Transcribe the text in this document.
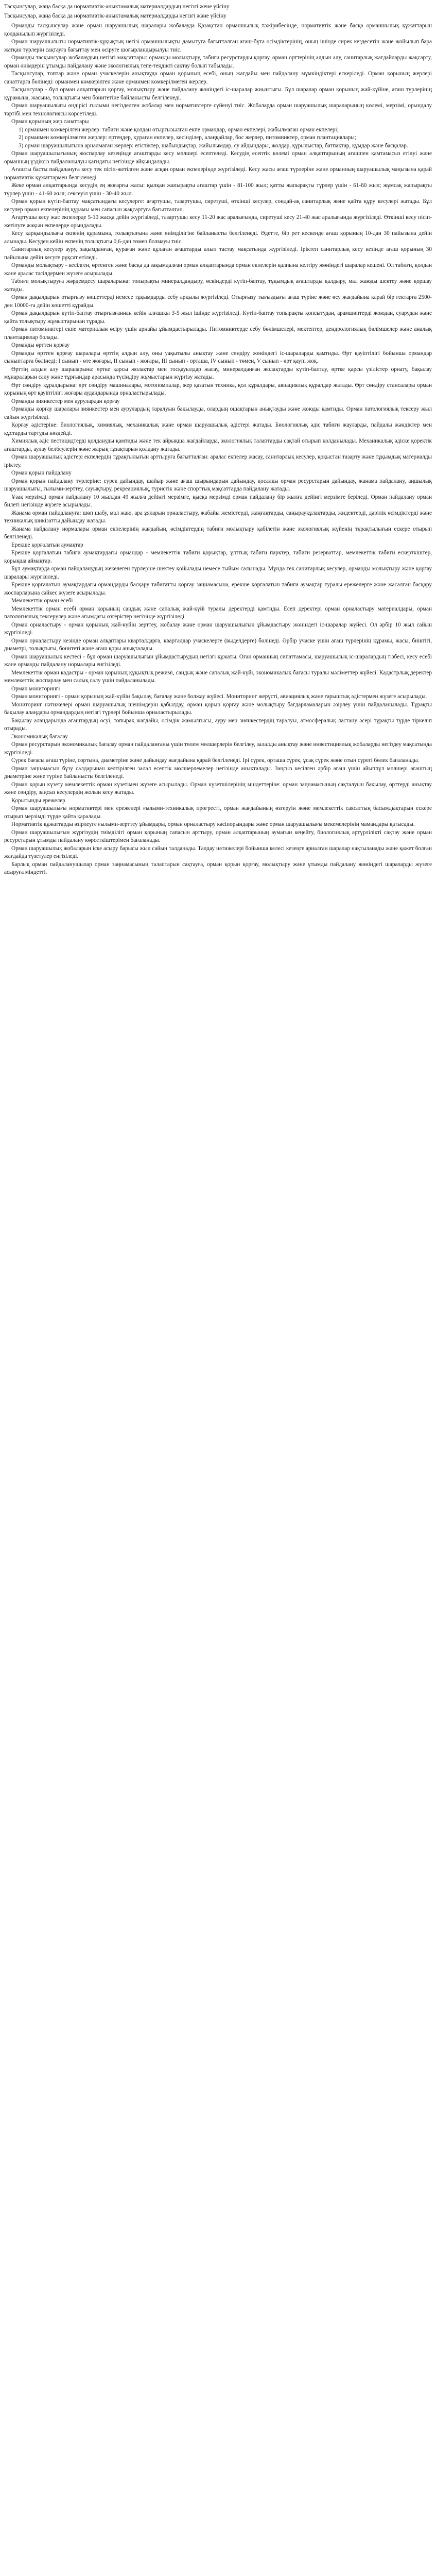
Тасқынсулар, жаңа басқа да нормативтік-аныктамалық материалдардың негізгі жене үйсіну
Тасқынсулар, жаңа басқа да нормативтік-аныктамалық материалдарды негізгі және үйсіну

Орманды тасқынсулар және орман шаруашылық шаралары жобалауда Қазақстан орманшылық тәжірибесінде, нормативтік және басқа орманшылық құжаттарын қолданылып жүргізіледі.

Орман шаруашылығы нормативтік-құқықтық негізі орманшылықты дамытуға бағытталған ағаш-бұта өсімдіктерінің, оның ішінде сирек кездесетін және жойылып бара жатқан түрлерін сақтауға бағыттау мен өсіруге шоғырландырылуы тиіс.

Орманды тасқынсулар жобалаудың негізгі мақсаттары: орманды молықтыру, табиғи ресурстарды қорғау, орман өрттерінің алдын алу, санитарлық жағдайларды жақсарту, орман өнімдерін ұтымды пайдалану және экологиялық тепе-теңдікті сақтау болып табылады.

Тасқынсулар, топтар және орман учаскелерін анықтауда орман қорының есебі, оның жағдайы мен пайдалану мүмкіндіктері ескеріледі. Орман қорының жерлері санаттарға бөлінеді: орманмен көмкерілген және орманмен көмкерілмеген жерлер.

Тасқынсулар - бұл орман алқаптарын қорғау, молықтыру және пайдалану жөніндегі іс-шаралар жиынтығы. Бұл шаралар орман қорының жай-күйіне, ағаш түрлерінің құрамына, жасына, толықтығы мен бонитетіне байланысты белгіленеді.

Орман шаруашылығы өндірісі ғылыми негізделген жобалар мен нормативтерге сүйенуі тиіс. Жобаларда орман шаруашылық шараларының көлемі, мерзімі, орындалу тәртібі мен технологиясы көрсетіледі.

Орман қорының жер санаттары

1) орманмен көмкерілген жерлер: табиғи және қолдан отырғызылған екпе ормандар, орман екпелері, жабылмаған орман екпелері;

2) орманмен көмкерілмеген жерлер: өртеңдер, қураған екпелер, кесінділер, алаңқайлар, бос жерлер, питомниктер, орман плантациялары;

3) орман шаруашылығына арналмаған жерлер: егістіктер, шабындықтар, жайылымдар, су айдындары, жолдар, құрылыстар, батпақтар, құмдар және басқалар.

Орман шаруашылығының жоспарлау кезеңінде ағаштарды кесу мөлшері есептеледі. Кесудің есептік көлемі орман алқаптарының ағашпен қамтамасыз етілуі және орманның үздіксіз пайдаланылуы қағидаты негізінде айқындалады.

Ағашты басты пайдалануға кесу тек пісіп-жетілген және асқан орман екпелерінде жүргізіледі. Кесу жасы ағаш түрлеріне және орманның шаруашылық маңызына қарай нормативтік құжаттармен белгіленеді.

Жеке орман алқаптарында кесудің ең жоғарғы жасы: қылқан жапырақты ағаштар үшін - 81-100 жыл; қатты жапырақты түрлер үшін - 61-80 жыл; жұмсақ жапырақты түрлер үшін - 41-60 жыл; сексеуіл үшін - 30-40 жыл.

Орман қорын күтіп-баптау мақсатындағы кесулерге: ағартушы, тазартушы, сиретуші, өткінші кесулер, сондай-ақ санитарлық және қайта құру кесулері жатады. Бұл кесулер орман екпелерінің құрамы мен сапасын жақсартуға бағытталған.

Ағартушы кесу жас екпелерде 5-10 жасқа дейін жүргізіледі, тазартушы кесу 11-20 жас аралығында, сиретуші кесу 21-40 жас аралығында жүргізіледі. Өткінші кесу пісіп-жетілуге жақын екпелерде орындалады.

Кесу қарқындылығы екпенің құрамына, толықтығына және өнімділігіне байланысты белгіленеді. Әдетте, бір рет кескенде ағаш қорының 10-дан 30 пайызына дейін алынады. Кесуден кейін екпенің толықтығы 0,6-дан төмен болмауы тиіс.

Санитарлық кесулер ауру, зақымданған, қураған және құлаған ағаштарды алып тастау мақсатында жүргізіледі. Іріктеп санитарлық кесу кезінде ағаш қорының 30 пайызына дейін кесуге рұқсат етіледі.

Орманды молықтыру - кесілген, өртенген және басқа да зақымдалған орман алқаптарында орман екпелерін қалпына келтіру жөніндегі шаралар кешені. Ол табиғи, қолдан және аралас тәсілдермен жүзеге асырылады.

Табиғи молықтыруға жәрдемдесу шараларына: топырақты минералдандыру, өскіндерді күтіп-баптау, тұқымдық ағаштарды қалдыру, мал жаюды шектеу және қоршау жатады.

Орман дақылдарын отырғызу көшеттерді немесе тұқымдарды себу арқылы жүргізіледі. Отырғызу тығыздығы ағаш түріне және өсу жағдайына қарай бір гектарға 2500-ден 10000-ға дейін көшетті құрайды.

Орман дақылдарын күтіп-баптау отырғызғаннан кейін алғашқы 3-5 жыл ішінде жүргізіледі. Күтіп-баптау топырақты қопсытудан, арамшөптерді жоюдан, суарудан және қайта толықтыру жұмыстарынан тұрады.

Орман питомниктері екпе материалын өсіру үшін арнайы ұйымдастырылады. Питомниктерде себу бөлімшелері, мектептер, дендрологиялық бөлімшелер және аналық плантациялар болады.

Орманды өрттен қорғау

Орманды өрттен қорғау шаралары өрттің алдын алу, оны уақытылы анықтау және сөндіру жөніндегі іс-шараларды қамтиды. Өрт қауіптілігі бойынша ормандар сыныптарға бөлінеді: I сынып - өте жоғары, II сынып - жоғары, III сынып - орташа, IV сынып - төмен, V сынып - өрт қаупі жоқ.

Өрттің алдын алу шараларына: өртке қарсы жолақтар мен тосқауылдар жасау, минералданған жолақтарды күтіп-баптау, өртке қарсы үзілістер орнату, бақылау мұнараларын салу және тұрғындар арасында түсіндіру жұмыстарын жүргізу жатады.

Өрт сөндіру құралдарына: өрт сөндіру машиналары, мотопомпалар, жер қазатын техника, қол құралдары, авиациялық құралдар жатады. Өрт сөндіру стансалары орман қорының өрт қауіптілігі жоғары аудандарында орналастырылады.

Орманды зиянкестер мен аурулардан қорғау

Орманды қорғау шаралары зиянкестер мен аурулардың таралуын бақылауды, олардың ошақтарын анықтауды және жоюды қамтиды. Орман патологиялық тексеру жыл сайын жүргізіледі.

Қорғау әдістеріне: биологиялық, химиялық, механикалық және орман шаруашылық әдістері жатады. Биологиялық әдіс табиғи жауларды, пайдалы жәндіктер мен құстарды тартуды көздейді.

Химиялық әдіс пестицидтерді қолдануды қамтиды және тек айрықша жағдайларда, экологиялық талаптарды сақтай отырып қолданылады. Механикалық әдіске қоректік ағаштарды, аулау белбеулерін және жарық тұзақтарын қолдану жатады.

Орман шаруашылық әдістері екпелердің тұрақтылығын арттыруға бағытталған: аралас екпелер жасау, санитарлық кесулер, қоқыстан тазарту және тұқымдық материалды іріктеу.

Орман қорын пайдалану

Орман қорын пайдалану түрлеріне: сүрек дайындау, шайыр және ағаш шырындарын дайындау, қосалқы орман ресурстарын дайындау, жанама пайдалану, аңшылық шаруашылығы, ғылыми-зерттеу, сауықтыру, рекреациялық, туристік және спорттық мақсаттарда пайдалану жатады.

Ұзақ мерзімді орман пайдалану 10 жылдан 49 жылға дейінгі мерзімге, қысқа мерзімді орман пайдалану бір жылға дейінгі мерзімге беріледі. Орман пайдалану орман билеті негізінде жүзеге асырылады.

Жанама орман пайдалануға: шөп шабу, мал жаю, ара ұяларын орналастыру, жабайы жемістерді, жаңғақтарды, саңырауқұлақтарды, жидектерді, дәрілік өсімдіктерді және техникалық шикізатты дайындау жатады.

Жанама пайдалану нормалары орман екпелерінің жағдайын, өсімдіктердің табиғи молықтыру қабілетін және экологиялық жүйенің тұрақтылығын ескере отырып белгіленеді.

Ерекше қорғалатын аумақтар

Ерекше қорғалатын табиғи аумақтардағы ормандар - мемлекеттік табиғи қорықтар, ұлттық табиғи парктер, табиғи резерваттар, мемлекеттік табиғи ескерткіштер, қорықша аймақтар.

Бұл аумақтарда орман пайдаланудың жекелеген түрлеріне шектеу қойылады немесе тыйым салынады. Мұнда тек санитарлық кесулер, орманды молықтыру және қорғау шаралары жүргізіледі.

Ерекше қорғалатын аумақтардағы ормандарды басқару табиғатты қорғау заңнамасына, ерекше қорғалатын табиғи аумақтар туралы ережелерге және жасалған басқару жоспарларына сәйкес жүзеге асырылады.

Мемлекеттік орман есебі

Мемлекеттік орман есебі орман қорының сандық және сапалық жай-күйі туралы деректерді қамтиды. Есеп деректері орман орналастыру материалдары, орман патологиялық тексерулер және ағымдағы өзгерістер негізінде жүргізіледі.

Орман орналастыру - орман қорының жай-күйін зерттеу, жобалау және орман шаруашылығын ұйымдастыру жөніндегі іс-шаралар жүйесі. Ол әрбір 10 жыл сайын жүргізіледі.

Орман орналастыру кезінде орман алқаптары кварталдарға, кварталдар учаскелерге (выделдерге) бөлінеді. Әрбір учаске үшін ағаш түрлерінің құрамы, жасы, биіктігі, диаметрі, толықтығы, бонитеті және ағаш қоры анықталады.

Орман шаруашылық кестесі - бұл орман шаруашылығын ұйымдастырудың негізгі құжаты. Оған орманның сипаттамасы, шаруашылық іс-шаралардың тізбесі, кесу есебі және орманды пайдалану нормалары енгізіледі.

Мемлекеттік орман кадастры - орман қорының құқықтық режимі, сандық және сапалық жай-күйі, экономикалық бағасы туралы мәліметтер жүйесі. Кадастрлық деректер мемлекеттік жоспарлау мен салық салу үшін пайдаланылады.

Орман мониторингі

Орман мониторингі - орман қорының жай-күйін бақылау, бағалау және болжау жүйесі. Мониторинг жерүсті, авиациялық және ғарыштық әдістермен жүзеге асырылады.

Мониторинг нәтижелері орман шаруашылық шешімдерін қабылдау, орман қорын қорғау және молықтыру бағдарламаларын әзірлеу үшін пайдаланылады. Тұрақты бақылау алаңдары ормандардың негізгі түрлері бойынша орналастырылады.

Бақылау алаңдарында ағаштардың өсуі, топырақ жағдайы, өсімдік жамылғысы, ауру мен зиянкестердің таралуы, атмосфералық ластану әсері тұрақты түрде тіркеліп отырады.

Экономикалық бағалау

Орман ресурстарын экономикалық бағалау орман пайдаланғаны үшін төлем мөлшерлерін белгілеу, залалды анықтау және инвестициялық жобаларды негіздеу мақсатында жүргізіледі.

Сүрек бағасы ағаш түріне, сортына, диаметріне және дайындау жағдайына қарай белгіленеді. Ірі сүрек, орташа сүрек, ұсақ сүрек және отын сүрегі бөлек бағаланады.

Орман заңнамасын бұзу салдарынан келтірілген залал есептік мөлшерлемелер негізінде анықталады. Заңсыз кесілген әрбір ағаш үшін айыппұл мөлшері ағаштың диаметріне және түріне байланысты белгіленеді.

Орман қорын күзету мемлекеттік орман күзетімен жүзеге асырылады. Орман күзетшілерінің міндеттеріне: орман заңнамасының сақталуын бақылау, өрттерді анықтау және сөндіру, заңсыз кесулердің жолын кесу жатады.

Қорытынды ережелер

Орман шаруашылығы нормативтері мен ережелері ғылыми-техникалық прогресті, орман жағдайының өзгеруін және мемлекеттік саясаттың басымдықтарын ескере отырып мерзімді түрде қайта қаралады.

Нормативтік құжаттарды әзірлеуге ғылыми-зерттеу ұйымдары, орман орналастыру кәсіпорындары және орман шаруашылығы мекемелерінің мамандары қатысады.

Орман шаруашылығын жүргізудің тиімділігі орман қорының сапасын арттыру, орман алқаптарының аумағын кеңейту, биологиялық әртүрлілікті сақтау және орман ресурстарын ұтымды пайдалану көрсеткіштерімен бағаланады.

Орман шаруашылық жобаларын іске асыру барысы жыл сайын талданады. Талдау нәтижелері бойынша келесі кезеңге арналған шаралар нақтыланады және қажет болған жағдайда түзетулер енгізіледі.

Барлық орман пайдаланушылар орман заңнамасының талаптарын сақтауға, орман қорын қорғау, молықтыру және ұтымды пайдалану жөніндегі шараларды жүзеге асыруға міндетті.
